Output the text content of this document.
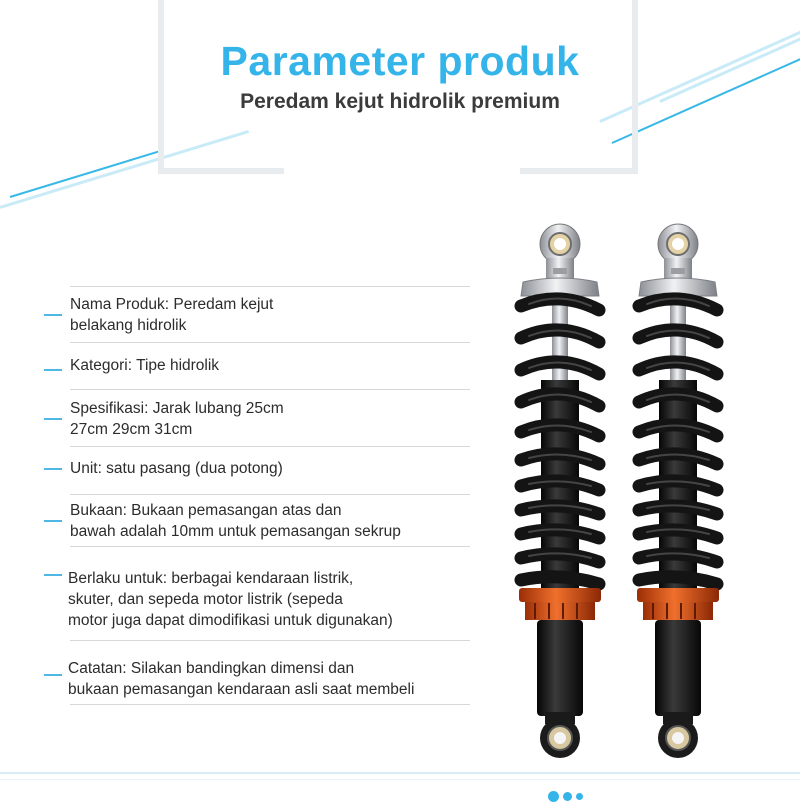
Parameter produk
Peredam kejut hidrolik premium
Nama Produk: Peredam kejut
belakang hidrolik
Kategori: Tipe hidrolik
Spesifikasi: Jarak lubang 25cm
27cm 29cm 31cm
Unit: satu pasang (dua potong)
Bukaan: Bukaan pemasangan atas dan
bawah adalah 10mm untuk pemasangan sekrup
Berlaku untuk: berbagai kendaraan listrik,
skuter, dan sepeda motor listrik (sepeda
motor juga dapat dimodifikasi untuk digunakan)
Catatan: Silakan bandingkan dimensi dan
bukaan pemasangan kendaraan asli saat membeli
